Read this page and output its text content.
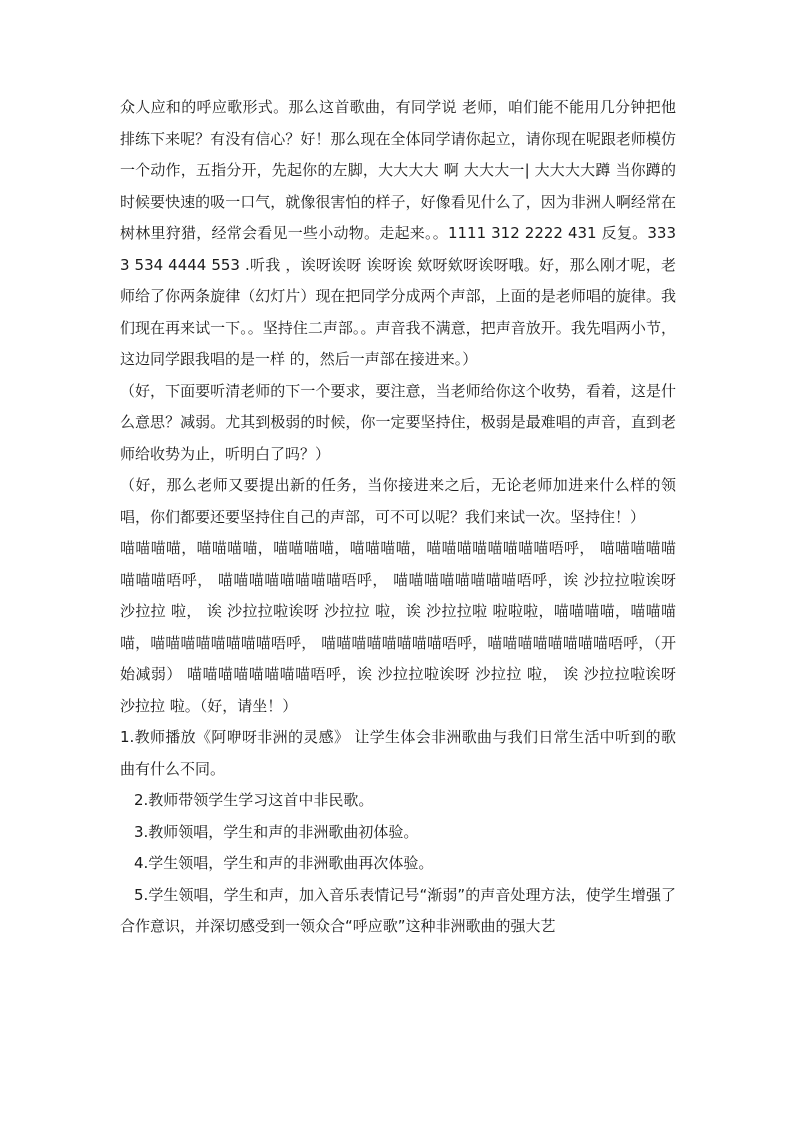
众人应和的呼应歌形式。那么这首歌曲，有同学说 老师，咱们能不能用几分钟把他排练下来呢？有没有信心？好！那么现在全体同学请你起立，请你现在呢跟老师模仿一个动作，五指分开，先起你的左脚，大大大大 啊 大大大一| 大大大大蹲 当你蹲的时候要快速的吸一口气，就像很害怕的样子，好像看见什么了，因为非洲人啊经常在树林里狩猎，经常会看见一些小动物。走起来。。1111 312 2222 431 反复。3333 534 4444 553 .听我 ，诶呀诶呀 诶呀诶 欸呀欸呀诶呀哦。好，那么刚才呢，老师给了你两条旋律（幻灯片）现在把同学分成两个声部，上面的是老师唱的旋律。我们现在再来试一下。。坚持住二声部。。声音我不满意，把声音放开。我先唱两小节，这边同学跟我唱的是一样 的，然后一声部在接进来。）

（好，下面要听清老师的下一个要求，要注意，当老师给你这个收势，看着，这是什么意思？减弱。尤其到极弱的时候，你一定要坚持住，极弱是最难唱的声音，直到老师给收势为止，听明白了吗？）

（好，那么老师又要提出新的任务，当你接进来之后，无论老师加进来什么样的领唱，你们都要还要坚持住自己的声部，可不可以呢？我们来试一次。坚持住！）

喵喵喵喵，喵喵喵喵，喵喵喵喵，喵喵喵喵，喵喵喵喵喵喵喵喵唔呼， 喵喵喵喵喵喵喵喵唔呼， 喵喵喵喵喵喵喵喵唔呼， 喵喵喵喵喵喵喵喵唔呼，诶 沙拉拉啦诶呀 沙拉拉 啦， 诶 沙拉拉啦诶呀 沙拉拉 啦，诶 沙拉拉啦 啦啦啦，喵喵喵喵，喵喵喵喵，喵喵喵喵喵喵喵喵唔呼， 喵喵喵喵喵喵喵喵唔呼，喵喵喵喵喵喵喵喵唔呼，（开始减弱） 喵喵喵喵喵喵喵喵唔呼，诶 沙拉拉啦诶呀 沙拉拉 啦， 诶 沙拉拉啦诶呀 沙拉拉 啦。（好，请坐！）

1.教师播放《阿咿呀非洲的灵感》 让学生体会非洲歌曲与我们日常生活中听到的歌曲有什么不同。

2.教师带领学生学习这首中非民歌。

3.教师领唱，学生和声的非洲歌曲初体验。

4.学生领唱，学生和声的非洲歌曲再次体验。

5.学生领唱，学生和声，加入音乐表情记号“渐弱”的声音处理方法，使学生增强了合作意识，并深切感受到一领众合“呼应歌”这种非洲歌曲的强大艺
